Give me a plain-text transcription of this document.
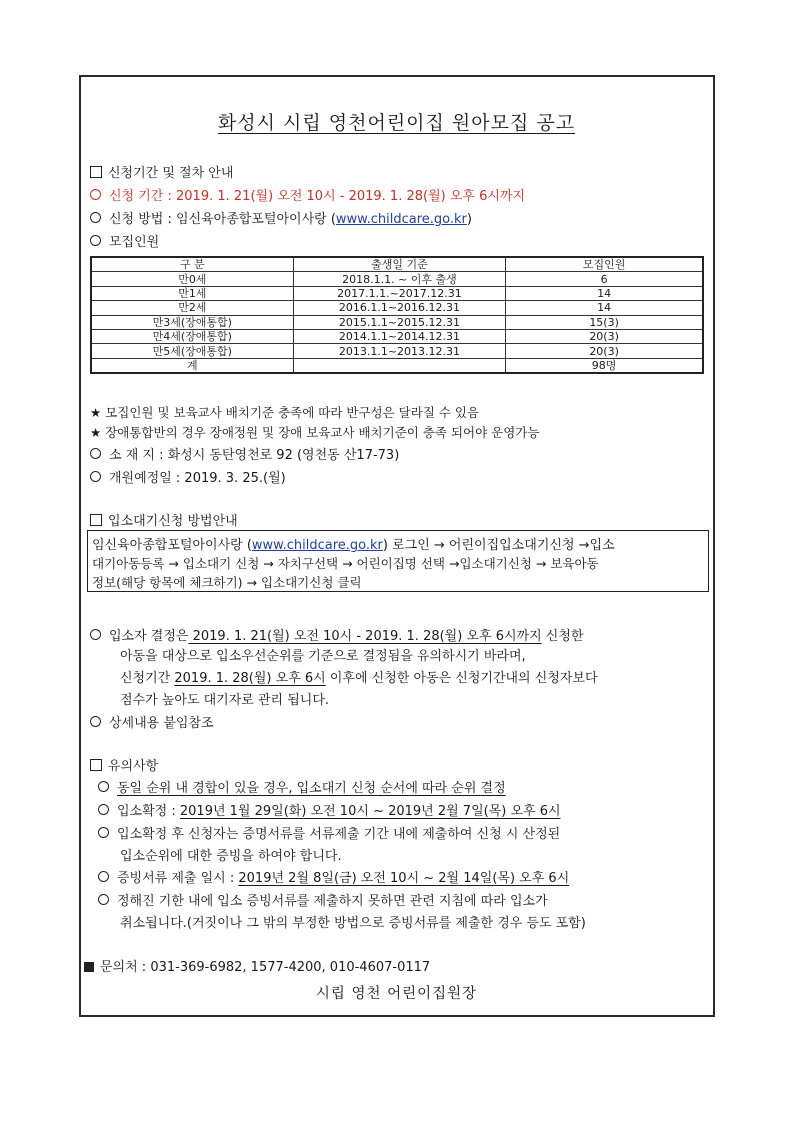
화성시 시립 영천어린이집 원아모집 공고
신청기간 및 절차 안내
신청 기간 : 2019. 1. 21(월) 오전 10시 - 2019. 1. 28(월) 오후 6시까지
신청 방법 : 임신육아종합포털아이사랑 (www.childcare.go.kr)
모집인원
구 분	출생일 기준	모집인원
만0세	2018.1.1. ~ 이후 출생	6
만1세	2017.1.1.~2017.12.31	14
만2세	2016.1.1~2016.12.31	14
만3세(장애통합)	2015.1.1~2015.12.31	15(3)
만4세(장애통합)	2014.1.1~2014.12.31	20(3)
만5세(장애통합)	2013.1.1~2013.12.31	20(3)
계		98명
★ 모집인원 및 보육교사 배치기준 충족에 따라 반구성은 달라질 수 있음
★ 장애통합반의 경우 장애정원 및 장애 보육교사 배치기준이 충족 되어야 운영가능
소 재 지 : 화성시 동탄영천로 92 (영천동 산17-73)
개원예정일 : 2019. 3. 25.(월)
입소대기신청 방법안내
임신육아종합포털아이사랑 (www.childcare.go.kr) 로그인 → 어린이집입소대기신청 →입소
대기아동등록 → 입소대기 신청 → 자치구선택 → 어린이집명 선택 →입소대기신청 → 보육아동
정보(해당 항목에 체크하기) → 입소대기신청 클릭
입소자 결정은 2019. 1. 21(월) 오전 10시 - 2019. 1. 28(월) 오후 6시까지 신청한
아동을 대상으로 입소우선순위를 기준으로 결정됨을 유의하시기 바라며,
신청기간 2019. 1. 28(월) 오후 6시 이후에 신청한 아동은 신청기간내의 신청자보다
점수가 높아도 대기자로 관리 됩니다.
상세내용 붙임참조
유의사항
동일 순위 내 경합이 있을 경우, 입소대기 신청 순서에 따라 순위 결정
입소확정 : 2019년 1월 29일(화) 오전 10시 ~ 2019년 2월 7일(목) 오후 6시
입소확정 후 신청자는 증명서류를 서류제출 기간 내에 제출하여 신청 시 산정된
입소순위에 대한 증빙을 하여야 합니다.
증빙서류 제출 일시 : 2019년 2월 8일(금) 오전 10시 ~ 2월 14일(목) 오후 6시
정해진 기한 내에 입소 증빙서류를 제출하지 못하면 관련 지침에 따라 입소가
취소됩니다.(거짓이나 그 밖의 부정한 방법으로 증빙서류를 제출한 경우 등도 포함)
문의처 : 031-369-6982, 1577-4200, 010-4607-0117
시립 영천 어린이집원장
